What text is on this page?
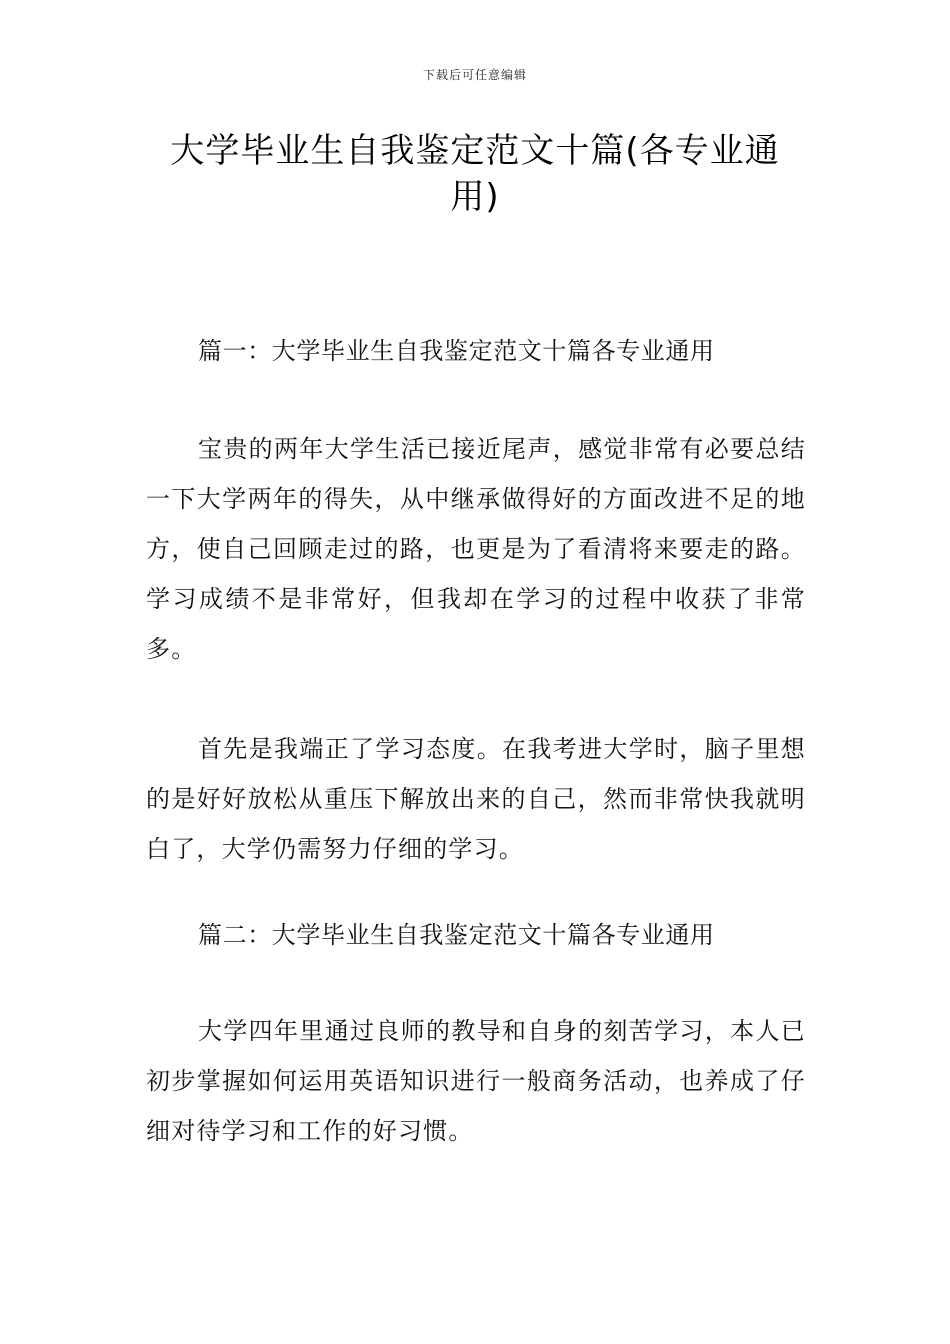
下载后可任意编辑
大学毕业生自我鉴定范文十篇(各专业通用)

篇一：大学毕业生自我鉴定范文十篇各专业通用

宝贵的两年大学生活已接近尾声，感觉非常有必要总结一下大学两年的得失，从中继承做得好的方面改进不足的地方，使自己回顾走过的路，也更是为了看清将来要走的路。学习成绩不是非常好，但我却在学习的过程中收获了非常多。

首先是我端正了学习态度。在我考进大学时，脑子里想的是好好放松从重压下解放出来的自己，然而非常快我就明白了，大学仍需努力仔细的学习。

篇二：大学毕业生自我鉴定范文十篇各专业通用

大学四年里通过良师的教导和自身的刻苦学习，本人已初步掌握如何运用英语知识进行一般商务活动，也养成了仔细对待学习和工作的好习惯。
